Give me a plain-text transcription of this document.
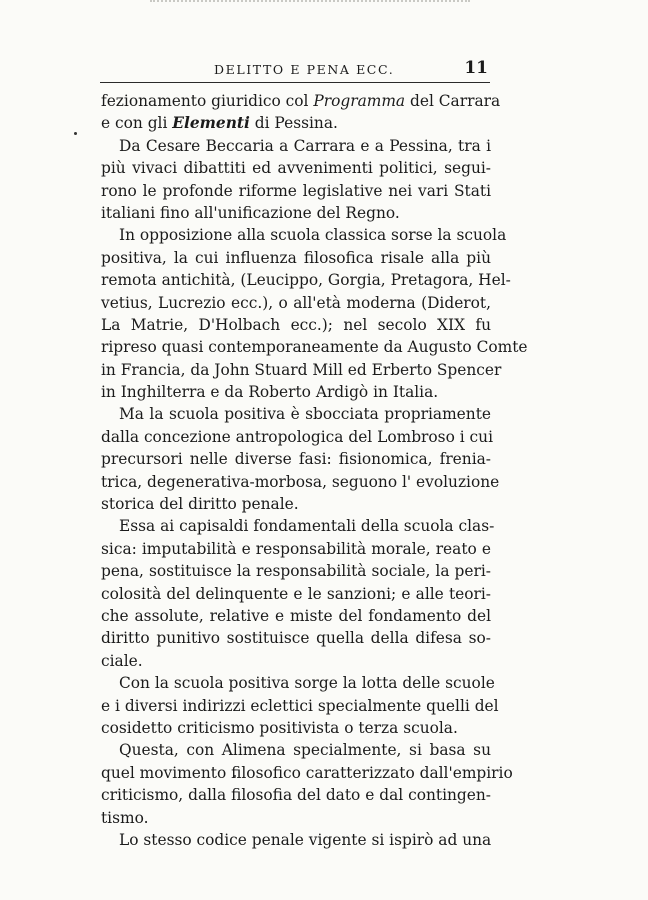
DELITTO E PENA ECC.	11
fezionamento giuridico col Programma del Carrara
e con gli Elementi di Pessina.
Da Cesare Beccaria a Carrara e a Pessina, tra i
più vivaci dibattiti ed avvenimenti politici, segui-
rono le profonde riforme legislative nei vari Stati
italiani fino all'unificazione del Regno.
In opposizione alla scuola classica sorse la scuola
positiva, la cui influenza filosofica risale alla più
remota antichità, (Leucippo, Gorgia, Pretagora, Hel-
vetius, Lucrezio ecc.), o all'età moderna (Diderot,
La Matrie, D'Holbach ecc.); nel secolo XIX fu
ripreso quasi contemporaneamente da Augusto Comte
in Francia, da John Stuard Mill ed Erberto Spencer
in Inghilterra e da Roberto Ardigò in Italia.
Ma la scuola positiva è sbocciata propriamente
dalla concezione antropologica del Lombroso i cui
precursori nelle diverse fasi: fisionomica, frenia-
trica, degenerativa-morbosa, seguono l' evoluzione
storica del diritto penale.
Essa ai capisaldi fondamentali della scuola clas-
sica: imputabilità e responsabilità morale, reato e
pena, sostituisce la responsabilità sociale, la peri-
colosità del delinquente e le sanzioni; e alle teori-
che assolute, relative e miste del fondamento del
diritto punitivo sostituisce quella della difesa so-
ciale.
Con la scuola positiva sorge la lotta delle scuole
e i diversi indirizzi eclettici specialmente quelli del
cosidetto criticismo positivista o terza scuola.
Questa, con Alimena specialmente, si basa su
quel movimento filosofico caratterizzato dall'empirio
criticismo, dalla filosofia del dato e dal contingen-
tismo.
Lo stesso codice penale vigente si ispirò ad una
